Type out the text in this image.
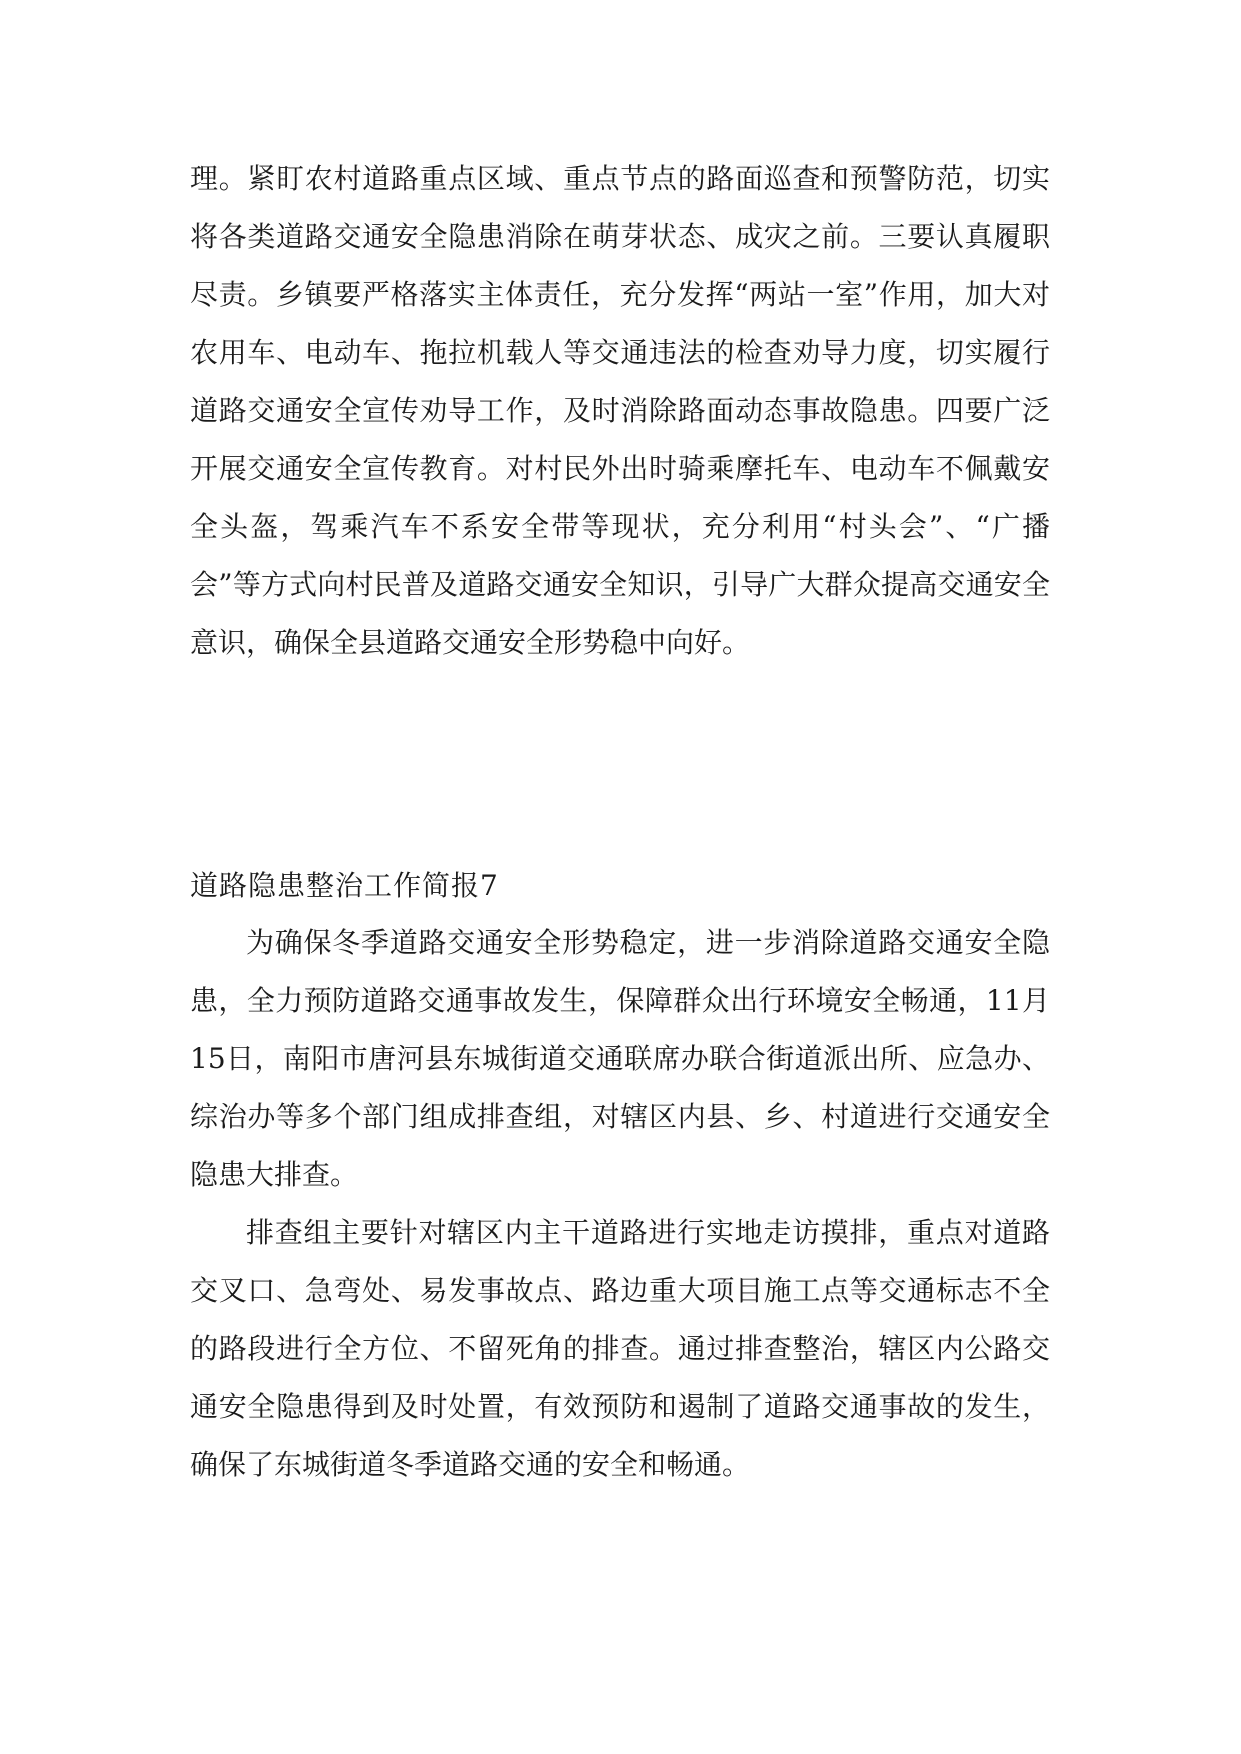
理。紧盯农村道路重点区域、重点节点的路面巡查和预警防范，切实将各类道路交通安全隐患消除在萌芽状态、成灾之前。三要认真履职尽责。乡镇要严格落实主体责任，充分发挥“两站一室”作用，加大对农用车、电动车、拖拉机载人等交通违法的检查劝导力度，切实履行道路交通安全宣传劝导工作，及时消除路面动态事故隐患。四要广泛开展交通安全宣传教育。对村民外出时骑乘摩托车、电动车不佩戴安全头盔，驾乘汽车不系安全带等现状，充分利用“村头会”、“广播会”等方式向村民普及道路交通安全知识，引导广大群众提高交通安全意识，确保全县道路交通安全形势稳中向好。

道路隐患整治工作简报7

为确保冬季道路交通安全形势稳定，进一步消除道路交通安全隐患，全力预防道路交通事故发生，保障群众出行环境安全畅通，11月15日，南阳市唐河县东城街道交通联席办联合街道派出所、应急办、综治办等多个部门组成排查组，对辖区内县、乡、村道进行交通安全隐患大排查。

排查组主要针对辖区内主干道路进行实地走访摸排，重点对道路交叉口、急弯处、易发事故点、路边重大项目施工点等交通标志不全的路段进行全方位、不留死角的排查。通过排查整治，辖区内公路交通安全隐患得到及时处置，有效预防和遏制了道路交通事故的发生，确保了东城街道冬季道路交通的安全和畅通。
